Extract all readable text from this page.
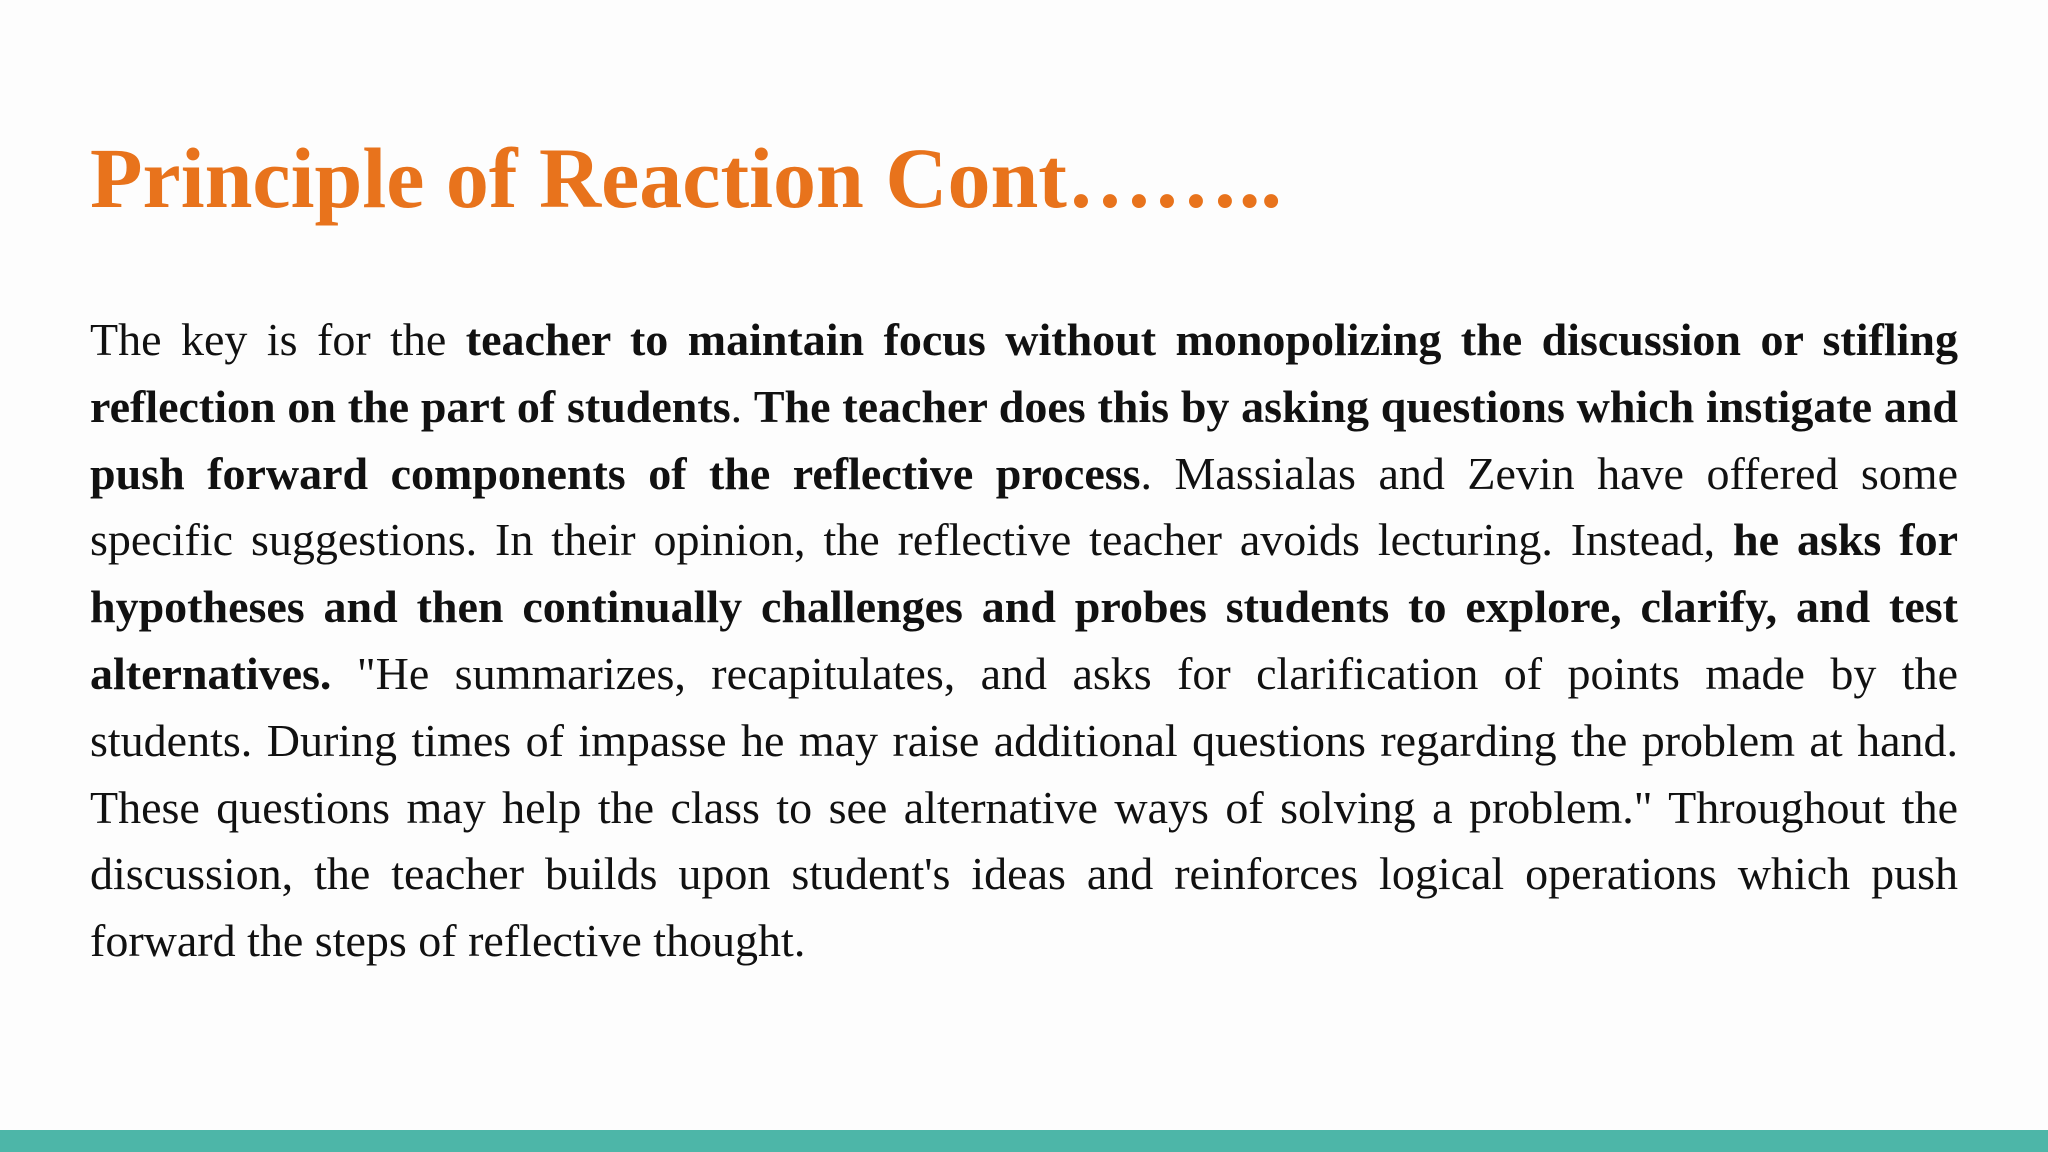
Principle of Reaction Cont……..

The key is for the teacher to maintain focus without monopolizing the discussion or stifling reflection on the part of students. The teacher does this by asking questions which instigate and push forward components of the reflective process. Massialas and Zevin have offered some specific suggestions. In their opinion, the reflective teacher avoids lecturing. Instead, he asks for hypotheses and then continually challenges and probes students to explore, clarify, and test alternatives. "He summarizes, recapitulates, and asks for clarification of points made by the students. During times of impasse he may raise additional questions regarding the problem at hand. These questions may help the class to see alternative ways of solving a problem." Throughout the discussion, the teacher builds upon student's ideas and reinforces logical operations which push forward the steps of reflective thought.
